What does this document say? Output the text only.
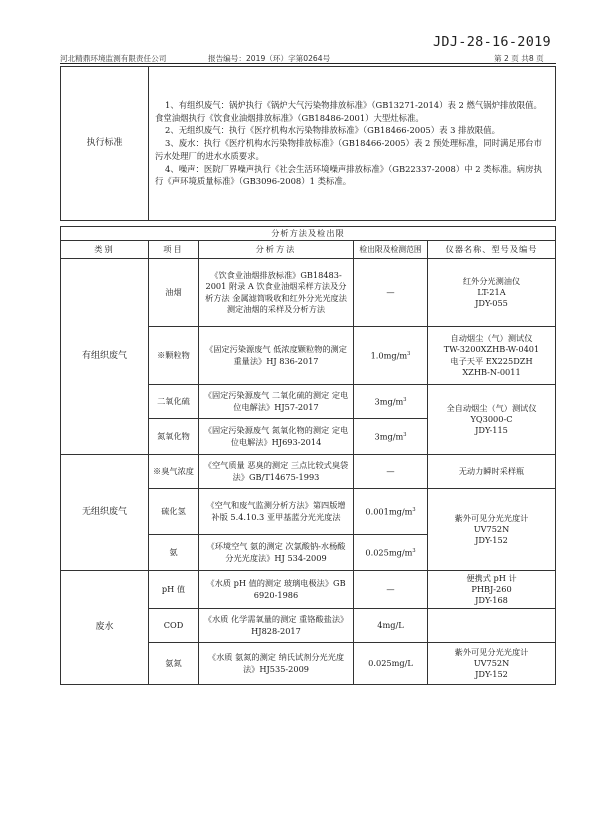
JDJ-28-16-2019
河北精鼎环境监测有限责任公司	报告编号：2019（环）字第0264号	第 2 页 共8 页
执行标准	
1、有组织废气：锅炉执行《锅炉大气污染物排放标准》（GB13271-2014）表 2 燃气锅炉排放限值。食堂油烟执行《饮食业油烟排放标准》（GB18486-2001）大型灶标准。
2、无组织废气：执行《医疗机构水污染物排放标准》（GB18466-2005）表 3 排放限值。
3、废水：执行《医疗机构水污染物排放标准》（GB18466-2005）表 2 预处理标准，同时满足邢台市污水处理厂的进水水质要求。
4、噪声：医院厂界噪声执行《社会生活环境噪声排放标准》（GB22337-2008）中 2 类标准。病房执行《声环境质量标准》（GB3096-2008）1 类标准。
分析方法及检出限				
类别	项目	分析方法	检出限及检测范围	仪器名称、型号及编号
有组织废气	油烟	《饮食业油烟排放标准》GB18483-2001 附录 A 饮食业油烟采样方法及分析方法 金属滤筒吸收和红外分光光度法测定油烟的采样及分析方法	—	红外分光测油仪
LT-21A
JDY-055

	※颗粒物	《固定污染源废气 低浓度颗粒物的测定 重量法》HJ 836-2017	$1.0mg/m^3$	自动烟尘（气）测试仪
TW-3200XZHB-W-0401
电子天平 EX225DZH
XZHB-N-0011

	二氧化硫	《固定污染源废气 二氧化硫的测定 定电位电解法》HJ57-2017	$3mg/m^3$	全自动烟尘（气）测试仪
YQ3000-C
JDY-115

	氮氧化物	《固定污染源废气 氮氧化物的测定 定电位电解法》HJ693-2014	$3mg/m^3$
无组织废气	※臭气浓度	《空气质量 恶臭的测定 三点比较式臭袋法》GB/T14675-1993	—	无动力瞬时采样瓶

	硫化氢	《空气和废气监测分析方法》第四版增补版 5.4.10.3 亚甲基蓝分光光度法	$0.001mg/m^3$	紫外可见分光光度计
UV752N
JDY-152

	氨	《环境空气 氨的测定 次氯酸钠-水杨酸分光光度法》HJ 534-2009	$0.025mg/m^3$
废水	pH 值	《水质 pH 值的测定 玻璃电极法》GB 6920-1986	—	便携式 pH 计
PHBJ-260
JDY-168

	COD	《水质 化学需氧量的测定 重铬酸盐法》HJ828-2017	4mg/L	
	氨氮	《水质 氨氮的测定 纳氏试剂分光光度法》HJ535-2009	0.025mg/L	紫外可见分光光度计
UV752N
JDY-152
